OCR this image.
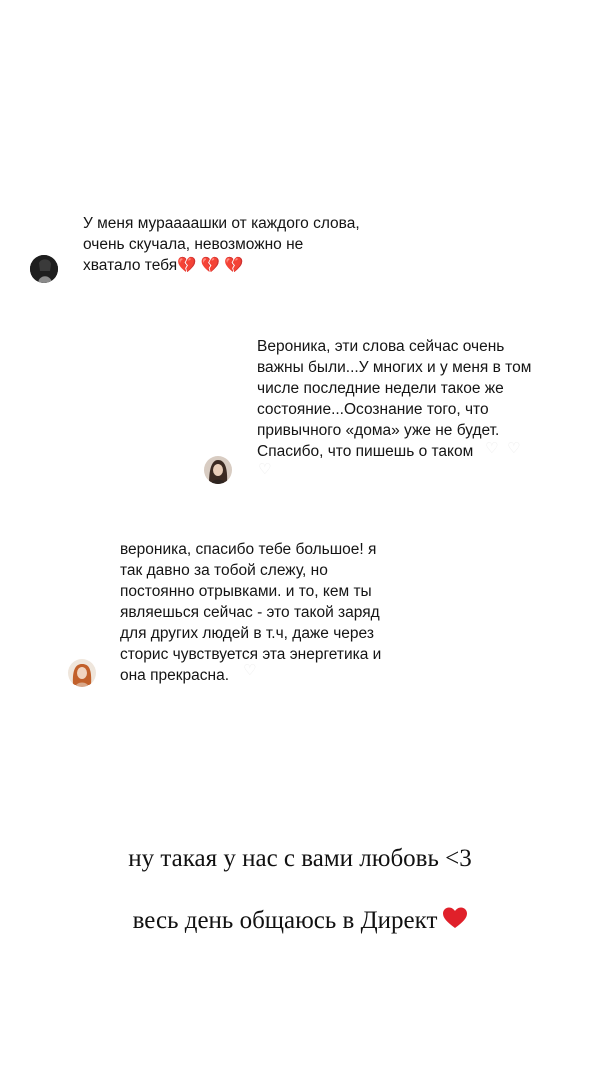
У меня мураааашки от каждого слова,
очень скучала, невозможно не
хватало тебя💔 💔 💔
Вероника, эти слова сейчас очень
важны были...У многих и у меня в том
числе последние недели такое же
состояние...Осознание того, что
привычного «дома» уже не будет.
Спасибо, что пишешь о таком ♡ ♡
♡
вероника, спасибо тебе большое! я
так давно за тобой слежу, но
постоянно отрывками. и то, кем ты
являешься сейчас - это такой заряд
для других людей в т.ч, даже через
сторис чувствуется эта энергетика и
она прекрасна. ♡

ну такая у нас с вами любовь <3

весь день общаюсь в Директ
